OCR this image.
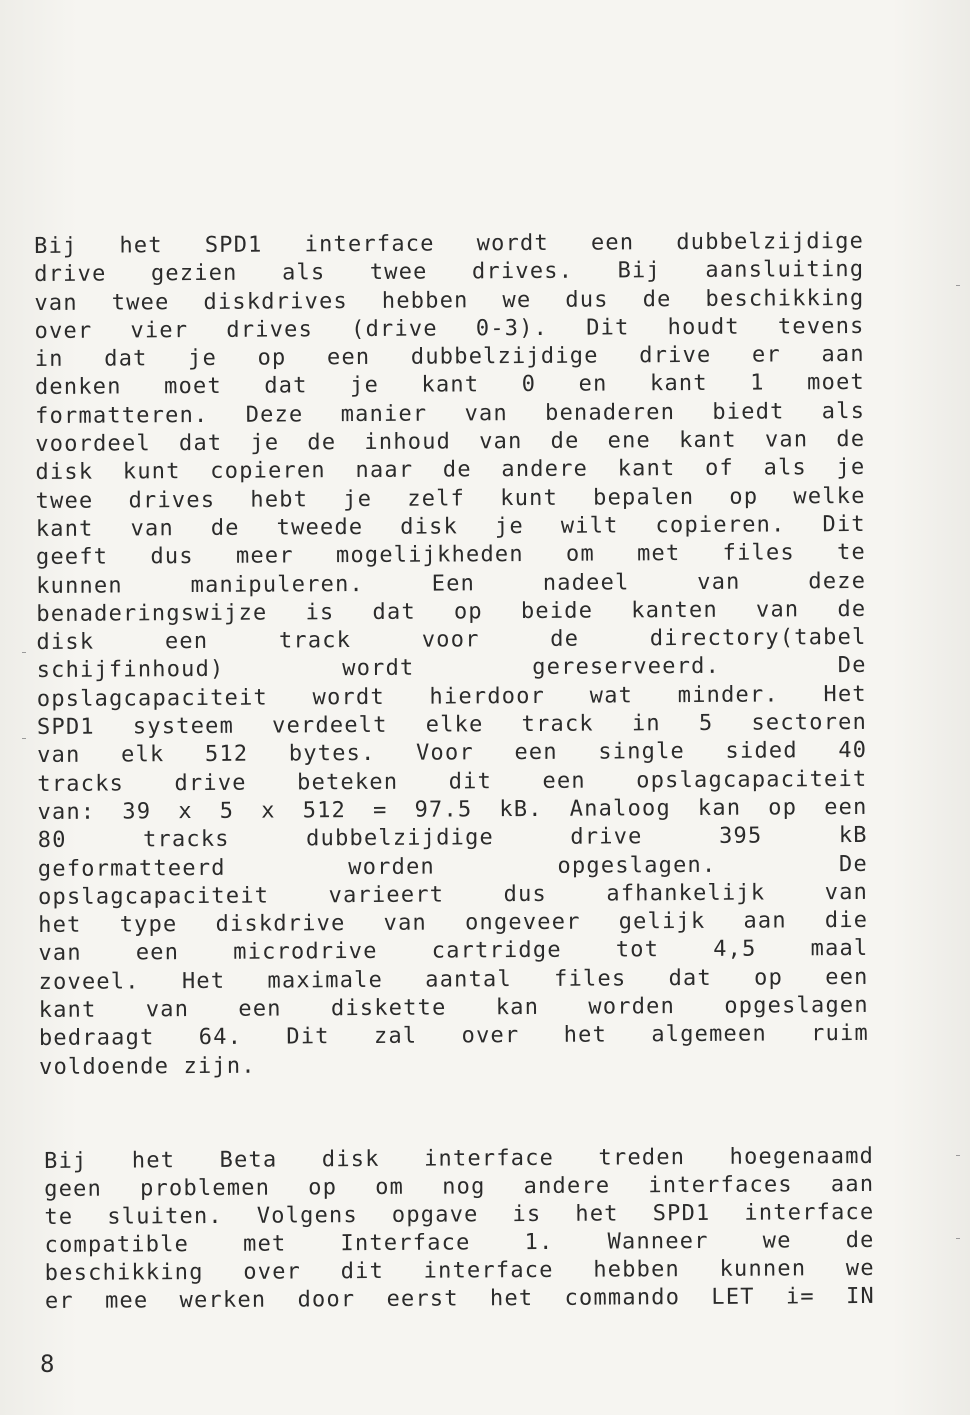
Bij het SPD1 interface wordt een dubbelzijdige
drive gezien als twee drives. Bij aansluiting
van twee diskdrives hebben we dus de beschikking
over vier drives (drive 0-3). Dit houdt tevens
in dat je op een dubbelzijdige drive er aan
denken moet dat je kant 0 en kant 1 moet
formatteren. Deze manier van benaderen biedt als
voordeel dat je de inhoud van de ene kant van de
disk kunt copieren naar de andere kant of als je
twee drives hebt je zelf kunt bepalen op welke
kant van de tweede disk je wilt copieren. Dit
geeft dus meer mogelijkheden om met files te
kunnen manipuleren. Een nadeel van deze
benaderingswijze is dat op beide kanten van de
disk een track voor de directory(tabel
schijfinhoud) wordt gereserveerd. De
opslagcapaciteit wordt hierdoor wat minder. Het
SPD1 systeem verdeelt elke track in 5 sectoren
van elk 512 bytes. Voor een single sided 40
tracks drive beteken dit een opslagcapaciteit
van: 39 x 5 x 512 = 97.5 kB. Analoog kan op een
80 tracks dubbelzijdige drive 395 kB
geformatteerd worden opgeslagen. De
opslagcapaciteit varieert dus afhankelijk van
het type diskdrive van ongeveer gelijk aan die
van een microdrive cartridge tot 4,5 maal
zoveel. Het maximale aantal files dat op een
kant van een diskette kan worden opgeslagen
bedraagt 64. Dit zal over het algemeen ruim
voldoende zijn.
Bij het Beta disk interface treden hoegenaamd
geen problemen op om nog andere interfaces aan
te sluiten. Volgens opgave is het SPD1 interface
compatible met Interface 1. Wanneer we de
beschikking over dit interface hebben kunnen we
er mee werken door eerst het commando LET i= IN
8
